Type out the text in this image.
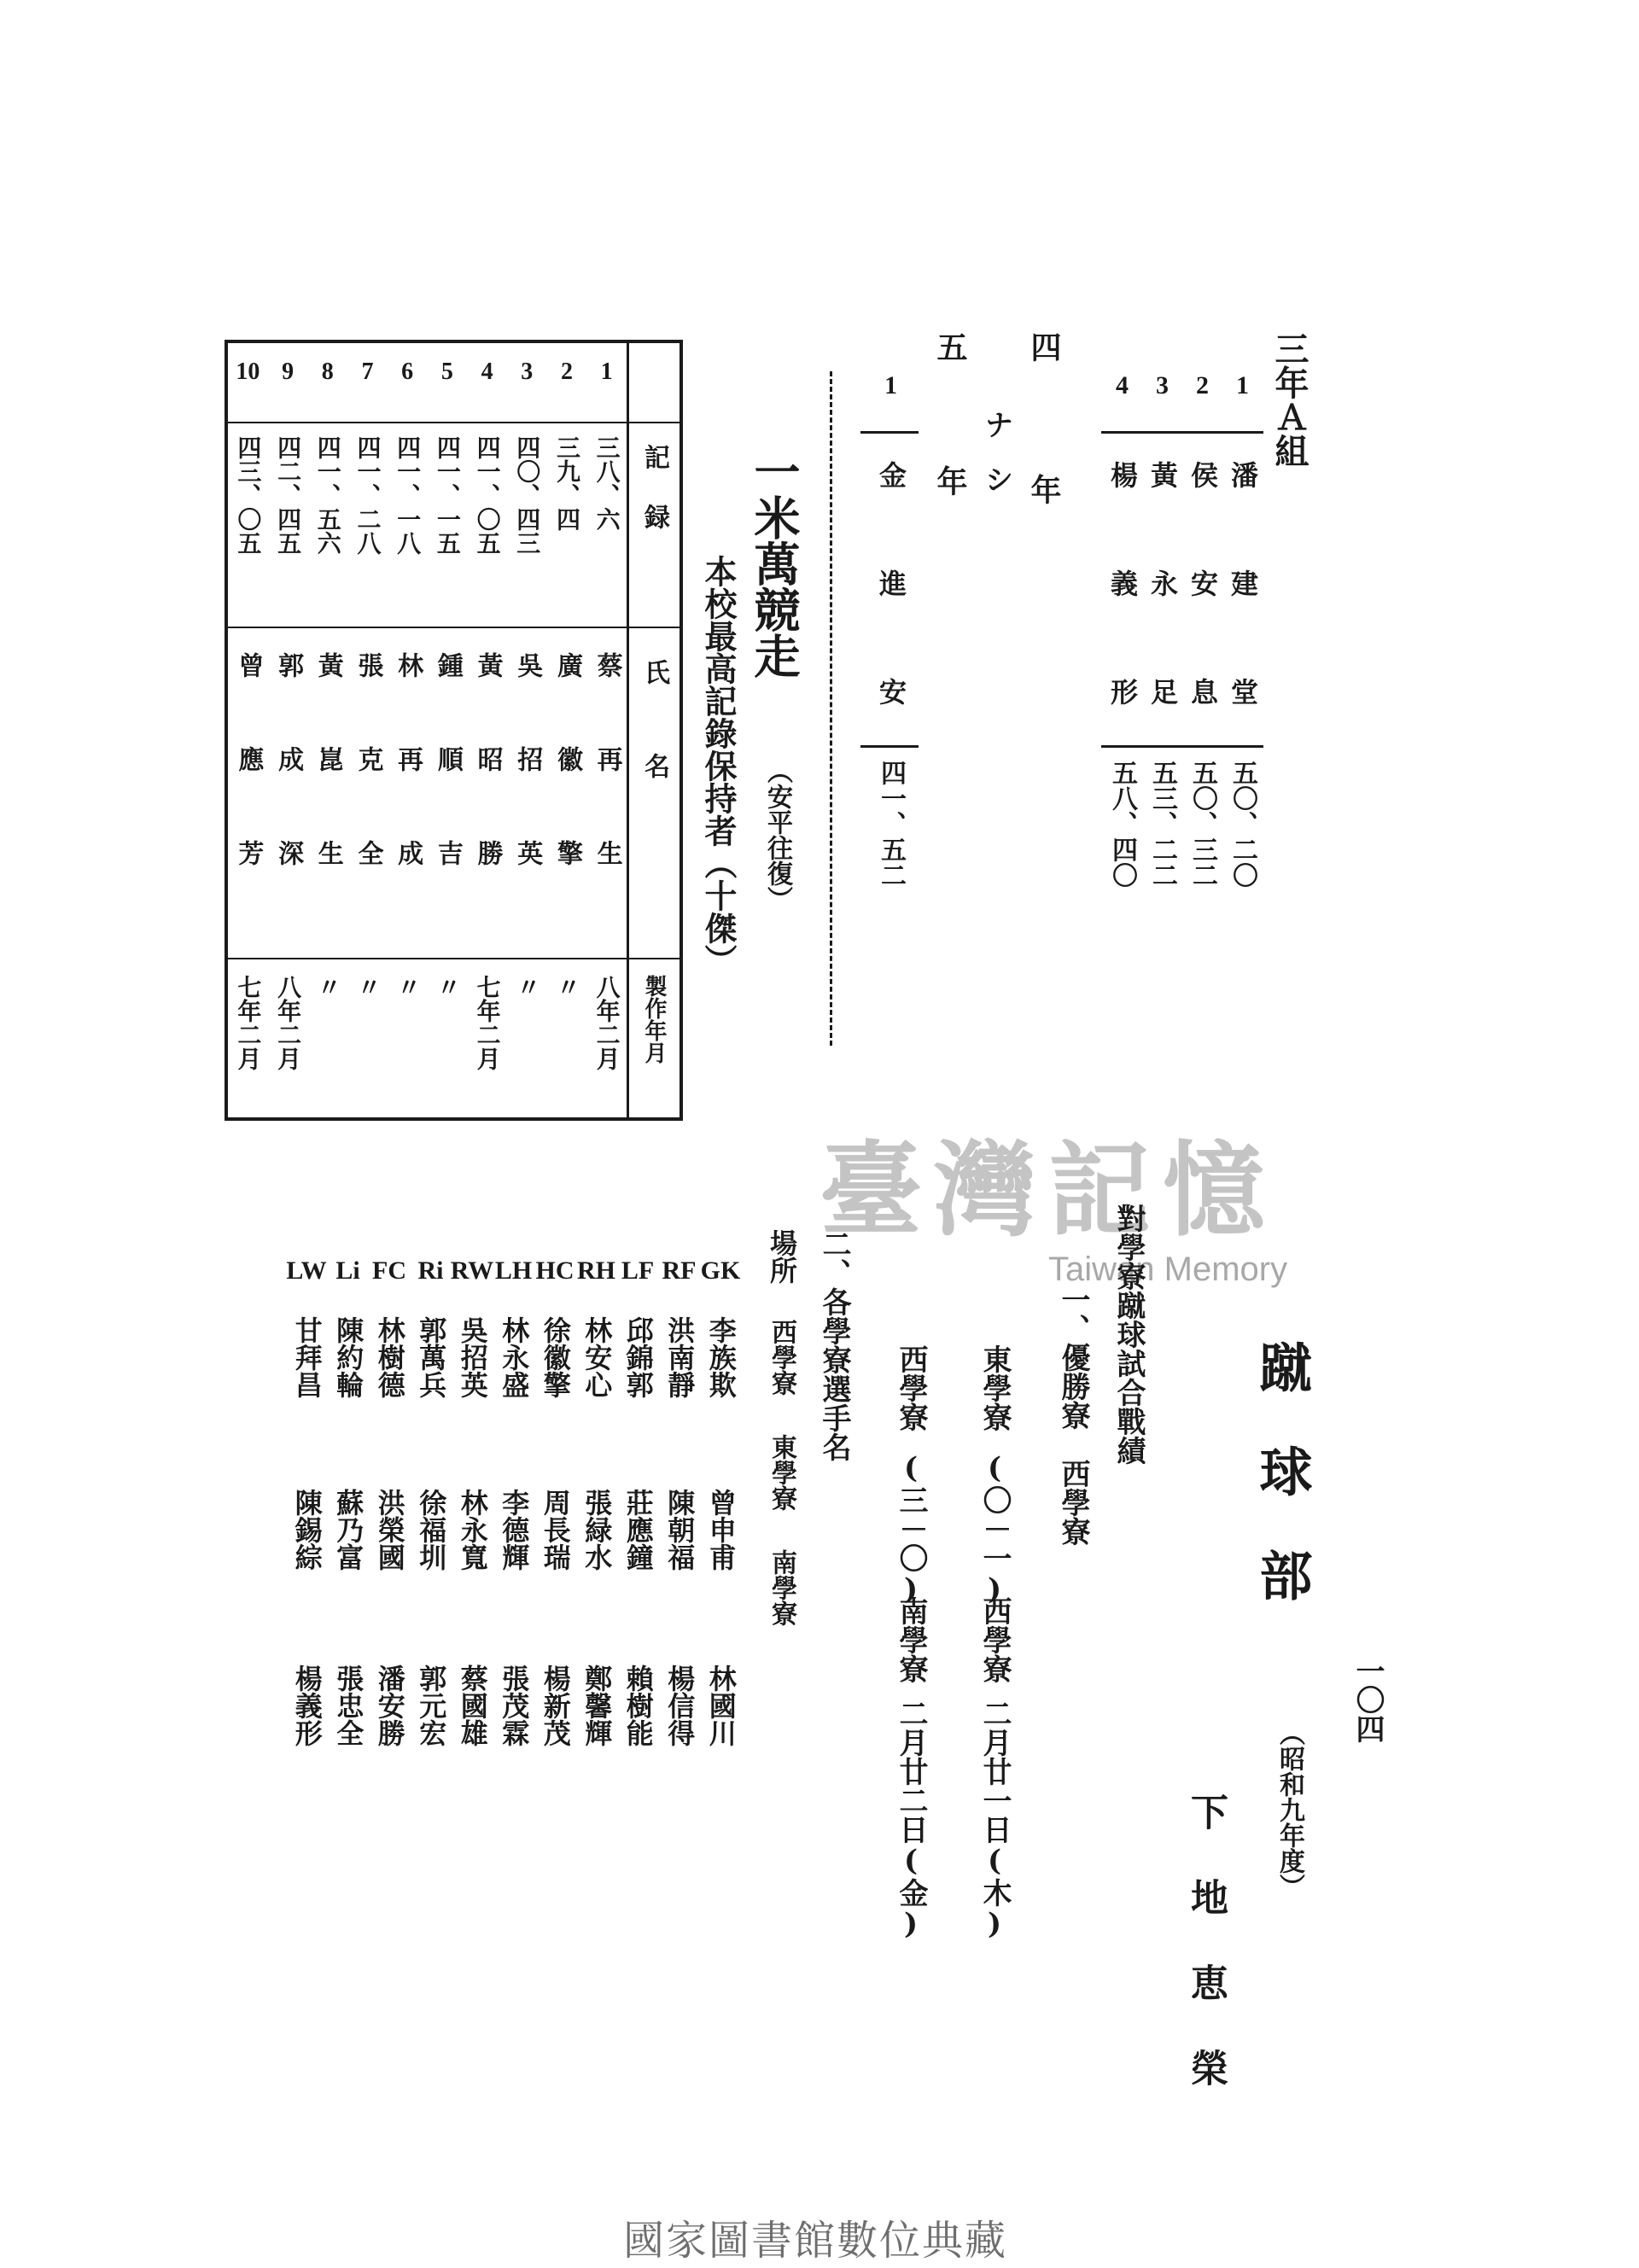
三年Ａ組
1
潘建堂
五〇、二〇
2
侯安息
五〇、三二
3
黃永足
五三、二二
4
楊義形
五八、四〇
四
年
ナシ
五
年
1
金進安
四一、五二
一米萬競走
（安平往復）
本校最高記錄保持者（十傑）
記録
氏名
製作年月
1
三八、六
蔡再生
八年二月
2
三九、四
廣徽擎
〃
3
四〇、四三
吳招英
〃
4
四一、〇五
黃昭勝
七年二月
5
四一、一五
鍾順吉
〃
6
四一、一八
林再成
〃
7
四一、二八
張克全
〃
8
四一、五六
黃崑生
〃
9
四二、四五
郭成深
八年二月
10
四三、〇五
曾應芳
七年二月
臺灣記憶
Taiwan Memory
一〇四
蹴球部
（昭和九年度）
下地恵榮
對學寮蹴球試合戰績
一、優勝寮　西學寮
東學寮
(〇－一)
西學寮
二月廿一日(木)
西學寮
(三－〇)
南學寮
二月廿二日(金)
二、各學寮選手名
場所
西學寮
東學寮
南學寮
GK
李族欺
曾申甫
林國川
RF
洪南靜
陳朝福
楊信得
LF
邱錦郭
莊應鐘
賴樹能
RH
林安心
張緑水
鄭馨輝
HC
徐徽擎
周長瑞
楊新茂
LH
林永盛
李德輝
張茂霖
RW
吳招英
林永寬
蔡國雄
Ri
郭萬兵
徐福圳
郭元宏
FC
林樹德
洪榮國
潘安勝
Li
陳約輪
蘇乃富
張忠全
LW
甘拜昌
陳錫綜
楊義形
國家圖書館數位典藏
